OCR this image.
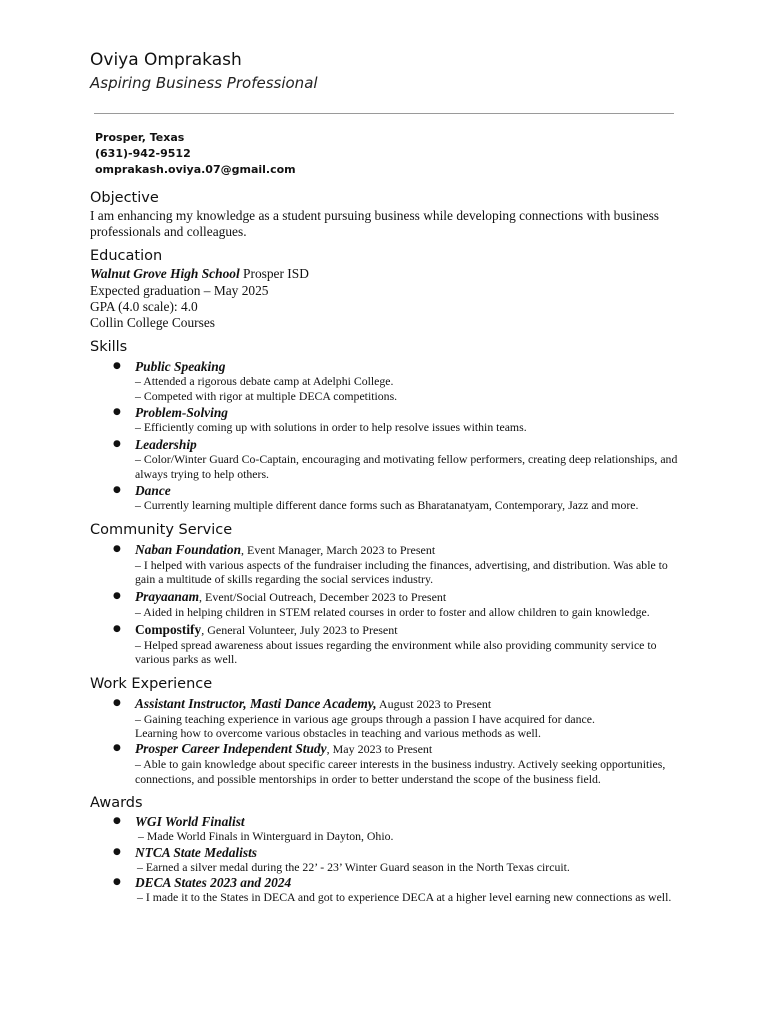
Oviya Omprakash
Aspiring Business Professional
Prosper, Texas
(631)-942-9512
omprakash.oviya.07@gmail.com
Objective

I am enhancing my knowledge as a student pursuing business while developing connections with business professionals and colleagues.

Education
Walnut Grove High School Prosper ISD
Expected graduation – May 2025
GPA (4.0 scale): 4.0
Collin College Courses
Skills
● Public Speaking
– Attended a rigorous debate camp at Adelphi College.
– Competed with rigor at multiple DECA competitions.
● Problem-Solving
– Efficiently coming up with solutions in order to help resolve issues within teams.
● Leadership
– Color/Winter Guard Co-Captain, encouraging and motivating fellow performers, creating deep relationships, and always trying to help others.
● Dance
– Currently learning multiple different dance forms such as Bharatanatyam, Contemporary, Jazz and more.
Community Service
● Naban Foundation, Event Manager, March 2023 to Present
– I helped with various aspects of the fundraiser including the finances, advertising, and distribution. Was able to gain a multitude of skills regarding the social services industry.
● Prayaanam, Event/Social Outreach, December 2023 to Present
– Aided in helping children in STEM related courses in order to foster and allow children to gain knowledge.
● Compostify, General Volunteer, July 2023 to Present
– Helped spread awareness about issues regarding the environment while also providing community service to various parks as well.
Work Experience
● Assistant Instructor, Masti Dance Academy, August 2023 to Present
– Gaining teaching experience in various age groups through a passion I have acquired for dance.
Learning how to overcome various obstacles in teaching and various methods as well.
● Prosper Career Independent Study, May 2023 to Present
– Able to gain knowledge about specific career interests in the business industry. Actively seeking opportunities, connections, and possible mentorships in order to better understand the scope of the business field.
Awards
● WGI World Finalist
– Made World Finals in Winterguard in Dayton, Ohio.
● NTCA State Medalists
– Earned a silver medal during the 22’ - 23’ Winter Guard season in the North Texas circuit.
● DECA States 2023 and 2024
– I made it to the States in DECA and got to experience DECA at a higher level earning new connections as well.
